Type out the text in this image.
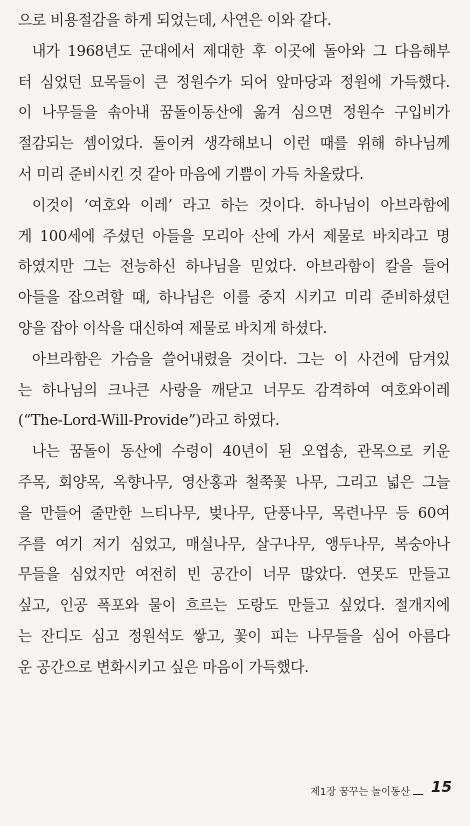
으로 비용절감을 하게 되었는데, 사연은 이와 같다.
내가 1968년도 군대에서 제대한 후 이곳에 돌아와 그 다음해부
터 심었던 묘목들이 큰 정원수가 되어 앞마당과 정원에 가득했다.
이 나무들을 솎아내 꿈돌이동산에 옮겨 심으면 정원수 구입비가
절감되는 셈이었다. 돌이켜 생각해보니 이런 때를 위해 하나님께
서 미리 준비시킨 것 같아 마음에 기쁨이 가득 차올랐다.
이것이 ‘여호와 이레’ 라고 하는 것이다. 하나님이 아브라함에
게 100세에 주셨던 아들을 모리아 산에 가서 제물로 바치라고 명
하였지만 그는 전능하신 하나님을 믿었다. 아브라함이 칼을 들어
아들을 잡으려할 때, 하나님은 이를 중지 시키고 미리 준비하셨던
양을 잡아 이삭을 대신하여 제물로 바치게 하셨다.
아브라함은 가슴을 쓸어내렸을 것이다. 그는 이 사건에 담겨있
는 하나님의 크나큰 사랑을 깨닫고 너무도 감격하여 여호와이레
(“The-Lord-Will-Provide”)라고 하였다.
나는 꿈돌이 동산에 수령이 40년이 된 오엽송, 관목으로 키운
주목, 회양목, 옥향나무, 영산홍과 철쭉꽃 나무, 그리고 넓은 그늘
을 만들어 줄만한 느티나무, 벚나무, 단풍나무, 목련나무 등 60여
주를 여기 저기 심었고, 매실나무, 살구나무, 앵두나무, 복숭아나
무들을 심었지만 여전히 빈 공간이 너무 많았다. 연못도 만들고
싶고, 인공 폭포와 물이 흐르는 도랑도 만들고 싶었다. 절개지에
는 잔디도 심고 정원석도 쌓고, 꽃이 피는 나무들을 심어 아름다
운 공간으로 변화시키고 싶은 마음이 가득했다.
제1장 꿈꾸는 놀이동산 15
